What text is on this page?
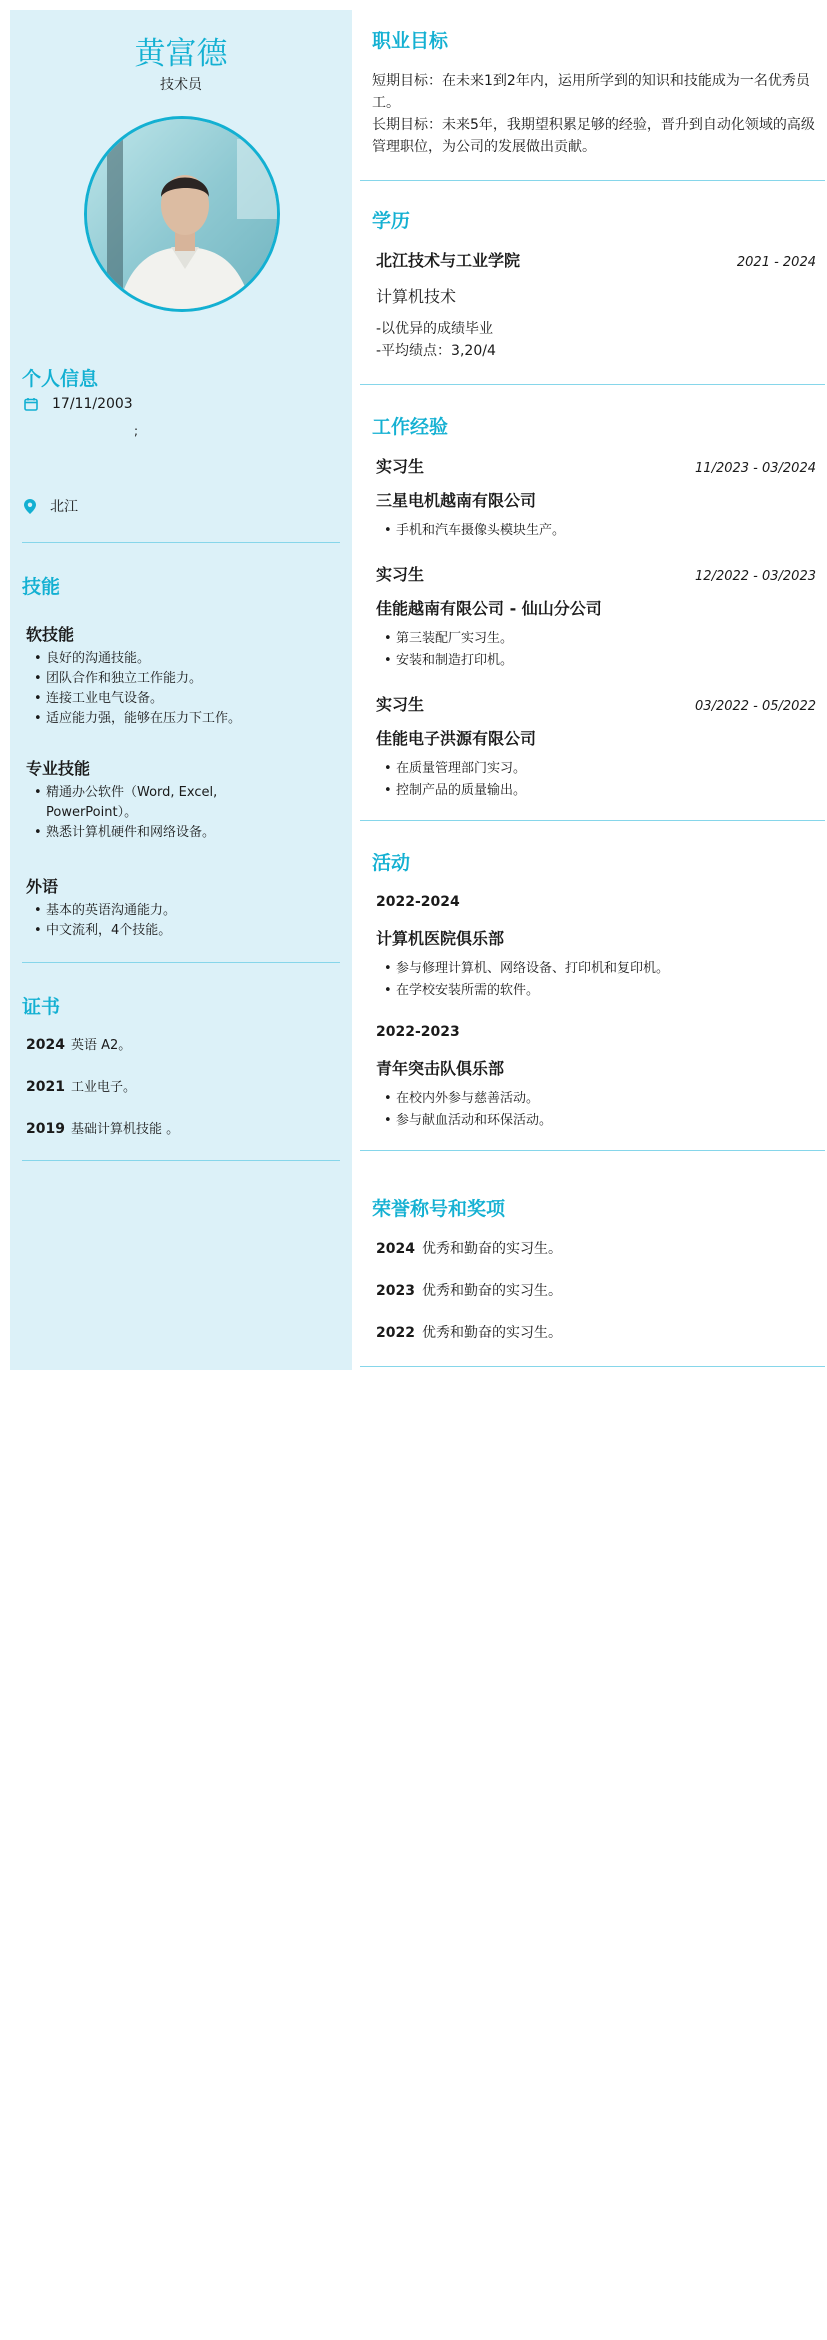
黄富德
技术员
个人信息
17/11/2003
;
北江
技能
软技能
• 良好的沟通技能。
• 团队合作和独立工作能力。
• 连接工业电气设备。
• 适应能力强，能够在压力下工作。
专业技能
• 精通办公软件（Word, Excel, PowerPoint）。
• 熟悉计算机硬件和网络设备。
外语
• 基本的英语沟通能力。
• 中文流利，4个技能。
证书
2024 英语 A2。
2021 工业电子。
2019 基础计算机技能 。
职业目标
短期目标：在未来1到2年内，运用所学到的知识和技能成为一名优秀员工。
长期目标：未来5年，我期望积累足够的经验，晋升到自动化领域的高级管理职位，为公司的发展做出贡献。
学历
北江技术与工业学院	2021 - 2024
计算机技术
-以优异的成绩毕业
-平均绩点：3,20/4
工作经验
实习生	11/2023 - 03/2024
三星电机越南有限公司
• 手机和汽车摄像头模块生产。
实习生	12/2022 - 03/2023
佳能越南有限公司 - 仙山分公司
• 第三装配厂实习生。
• 安装和制造打印机。
实习生	03/2022 - 05/2022
佳能电子洪源有限公司
• 在质量管理部门实习。
• 控制产品的质量输出。
活动
2022-2024
计算机医院俱乐部
• 参与修理计算机、网络设备、打印机和复印机。
• 在学校安装所需的软件。
2022-2023
青年突击队俱乐部
• 在校内外参与慈善活动。
• 参与献血活动和环保活动。
荣誉称号和奖项
2024 优秀和勤奋的实习生。
2023 优秀和勤奋的实习生。
2022 优秀和勤奋的实习生。
